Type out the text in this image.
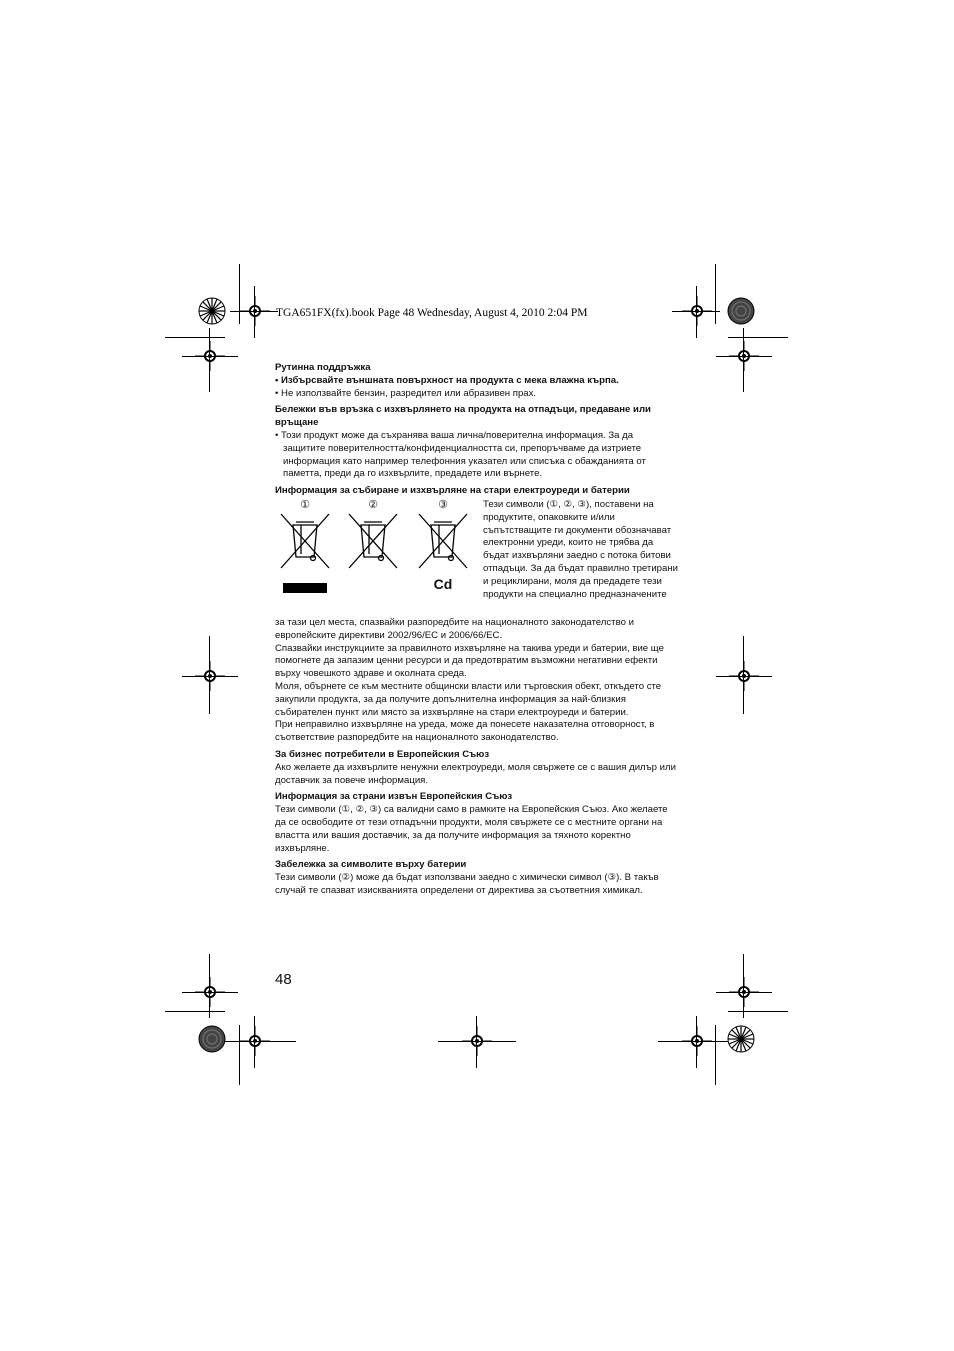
TGA651FX(fx).book Page 48 Wednesday, August 4, 2010 2:04 PM

Рутинна поддръжка

• Избърсвайте външната повърхност на продукта с мека влажна кърпа.

• Не използвайте бензин, разредител или абразивен прах.

Бележки във връзка с изхвърлянето на продукта на отпадъци, предаване или връщане

• Този продукт може да съхранява ваша лична/поверителна информация. За да защитите поверителността/конфиденциалността си, препоръчваме да изтриете информация като например телефонния указател или списъка с обажданията от паметта, преди да го изхвърлите, предадете или върнете.

Информация за събиране и изхвърляне на стари електроуреди и батерии

①	②	③
Cd

Тези символи (①, ②, ③), поставени на продуктите, опаковките и/или съпътстващите ги документи обозначават електронни уреди, които не трябва да бъдат изхвърляни заедно с потока битови отпадъци. За да бъдат правилно третирани и рециклирани, моля да предадете тези продукти на специално предназначените

за тази цел места, спазвайки разпоредбите на националното законодателство и европейските директиви 2002/96/ЕС и 2006/66/ЕС.

Спазвайки инструкциите за правилното изхвърляне на такива уреди и батерии, вие ще помогнете да запазим ценни ресурси и да предотвратим възможни негативни ефекти върху човешкото здраве и околната среда.

Моля, обърнете се към местните общински власти или търговския обект, откъдето сте закупили продукта, за да получите допълнителна информация за най-близкия събирателен пункт или място за изхвърляне на стари електроуреди и батерии.

При неправилно изхвърляне на уреда, може да понесете наказателна отговорност, в съответствие разпоредбите на националното законодателство.

За бизнес потребители в Европейския Съюз

Ако желаете да изхвърлите ненужни електроуреди, моля свържете се с вашия дилър или доставчик за повече информация.

Информация за страни извън Европейския Съюз

Тези символи (①, ②, ③) са валидни само в рамките на Европейския Съюз. Ако желаете да се освободите от тези отпадъчни продукти, моля свържете се с местните органи на властта или вашия доставчик, за да получите информация за тяхното коректно изхвърляне.

Забележка за символите върху батерии

Тези символи (②) може да бъдат използвани заедно с химически символ (③). В такъв случай те спазват изискванията определени от директива за съответния химикал.

48
